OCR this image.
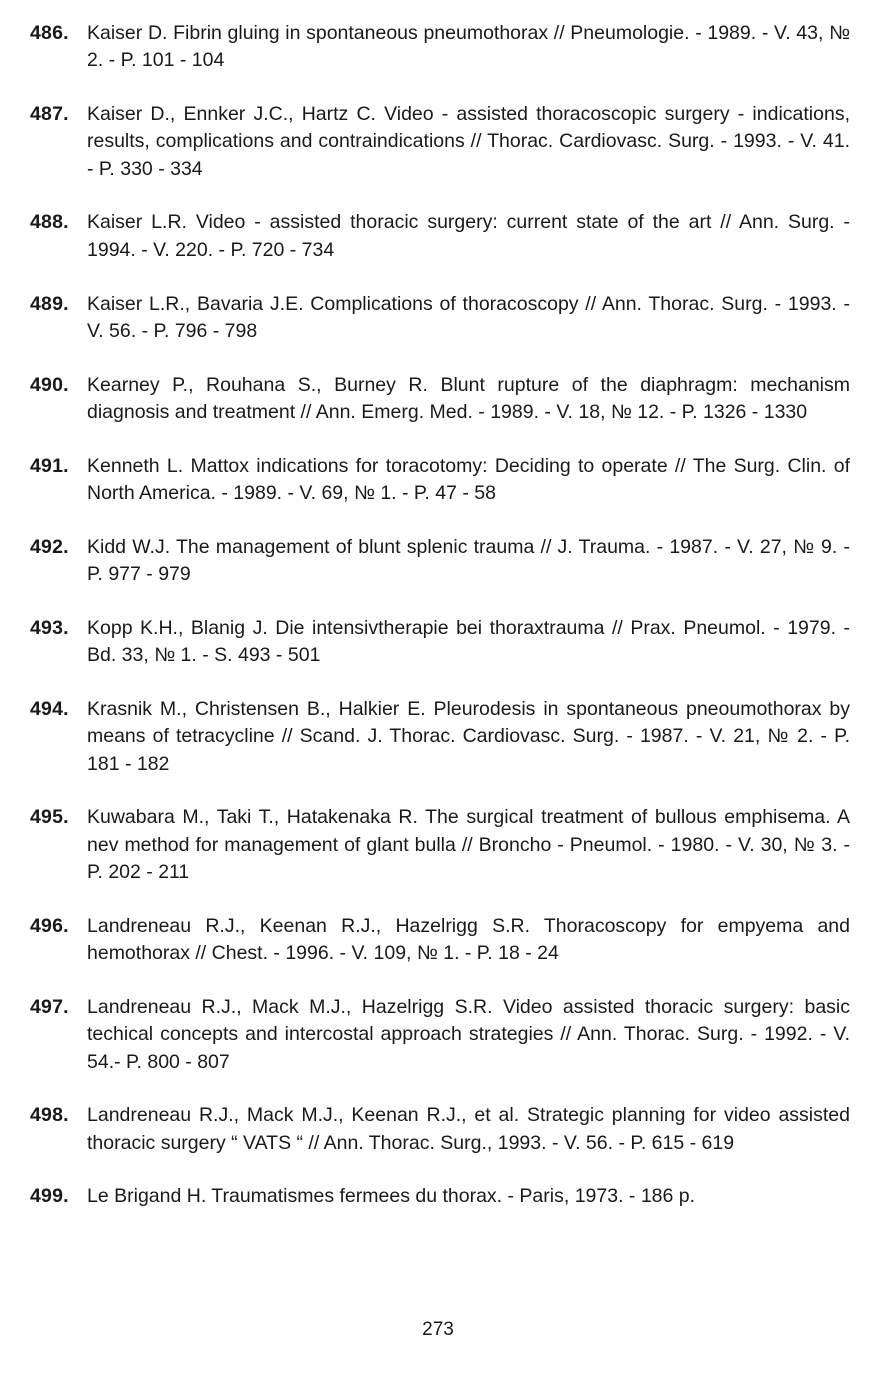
486. Kaiser D. Fibrin gluing in spontaneous pneumothorax // Pneumologie. - 1989. - V. 43, № 2. - P. 101 - 104
487. Kaiser D., Ennker J.C., Hartz C. Video - assisted thoracoscopic surgery - indications, results, complications and contraindications // Thorac. Cardiovasc. Surg. - 1993. - V. 41. - P. 330 - 334
488. Kaiser L.R. Video - assisted thoracic surgery: current state of the art // Ann. Surg. - 1994. - V. 220. - P. 720 - 734
489. Kaiser L.R., Bavaria J.E. Complications of thoracoscopy // Ann. Thorac. Surg. - 1993. - V. 56. - P. 796 - 798
490. Kearney P., Rouhana S., Burney R. Blunt rupture of the diaphragm: mechanism diagnosis and treatment // Ann. Emerg. Med. - 1989. - V. 18, № 12. - P. 1326 - 1330
491. Kenneth L. Mattox indications for toracotomy: Deciding to operate // The Surg. Clin. of North America. - 1989. - V. 69, № 1. - P. 47 - 58
492. Kidd W.J. The management of blunt splenic trauma // J. Trauma. - 1987. - V. 27, № 9. - P. 977 - 979
493. Kopp K.H., Blanig J. Die intensivtherapie bei thoraxtrauma // Prax. Pneumol. - 1979. - Bd. 33, № 1. - S. 493 - 501
494. Krasnik M., Christensen B., Halkier E. Pleurodesis in spontaneous pneoumothorax by means of tetracycline // Scand. J. Thorac. Cardiovasc. Surg. - 1987. - V. 21, № 2. - P. 181 - 182
495. Kuwabara M., Taki T., Hatakenaka R. The surgical treatment of bullous emphisema. A nev method for management of glant bulla // Broncho - Pneumol. - 1980. - V. 30, № 3. - P. 202 - 211
496. Landreneau R.J., Keenan R.J., Hazelrigg S.R. Thoracoscopy for empyema and hemothorax // Chest. - 1996. - V. 109, № 1. - P. 18 - 24
497. Landreneau R.J., Mack M.J., Hazelrigg S.R. Video assisted thoracic surgery: basic techical concepts and intercostal approach strategies // Ann. Thorac. Surg. - 1992. - V. 54.- P. 800 - 807
498. Landreneau R.J., Mack M.J., Keenan R.J., et al. Strategic planning for video assisted thoracic surgery “ VATS “ // Ann. Thorac. Surg., 1993. - V. 56. - P. 615 - 619
499. Le Brigand H. Traumatismes fermees du thorax. - Paris, 1973. - 186 p.
273
